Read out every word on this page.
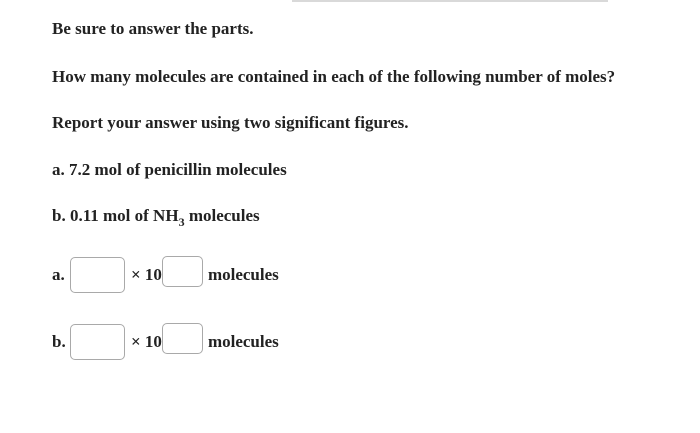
Be sure to answer the parts.
How many molecules are contained in each of the following number of moles?
Report your answer using two significant figures.
a. 7.2 mol of penicillin molecules
b. 0.11 mol of $NH_3$ molecules
a.	× 10	molecules
b.	× 10	molecules
